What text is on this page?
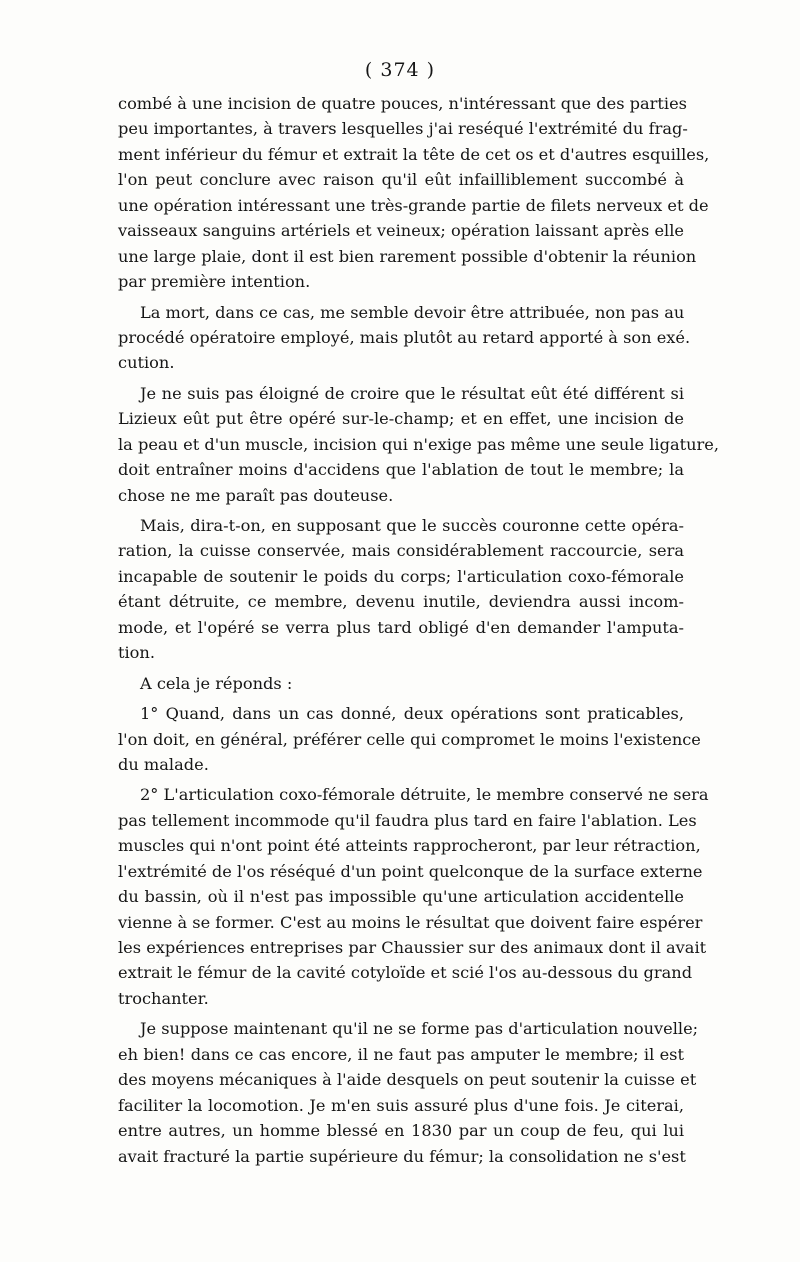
( 374 )

combé à une incision de quatre pouces, n'intéressant que des parties
peu importantes, à travers lesquelles j'ai reséqué l'extrémité du frag-
ment inférieur du fémur et extrait la tête de cet os et d'autres esquilles,
l'on peut conclure avec raison qu'il eût infailliblement succombé à
une opération intéressant une très-grande partie de filets nerveux et de
vaisseaux sanguins artériels et veineux; opération laissant après elle
une large plaie, dont il est bien rarement possible d'obtenir la réunion
par première intention.

La mort, dans ce cas, me semble devoir être attribuée, non pas au
procédé opératoire employé, mais plutôt au retard apporté à son exé.
cution.

Je ne suis pas éloigné de croire que le résultat eût été différent si
Lizieux eût put être opéré sur-le-champ; et en effet, une incision de
la peau et d'un muscle, incision qui n'exige pas même une seule ligature,
doit entraîner moins d'accidens que l'ablation de tout le membre; la
chose ne me paraît pas douteuse.

Mais, dira-t-on, en supposant que le succès couronne cette opéra-
ration, la cuisse conservée, mais considérablement raccourcie, sera
incapable de soutenir le poids du corps; l'articulation coxo-fémorale
étant détruite, ce membre, devenu inutile, deviendra aussi incom-
mode, et l'opéré se verra plus tard obligé d'en demander l'amputa-
tion.

A cela je réponds :

1° Quand, dans un cas donné, deux opérations sont praticables,
l'on doit, en général, préférer celle qui compromet le moins l'existence
du malade.

2° L'articulation coxo-fémorale détruite, le membre conservé ne sera
pas tellement incommode qu'il faudra plus tard en faire l'ablation. Les
muscles qui n'ont point été atteints rapprocheront, par leur rétraction,
l'extrémité de l'os réséqué d'un point quelconque de la surface externe
du bassin, où il n'est pas impossible qu'une articulation accidentelle
vienne à se former. C'est au moins le résultat que doivent faire espérer
les expériences entreprises par Chaussier sur des animaux dont il avait
extrait le fémur de la cavité cotyloïde et scié l'os au-dessous du grand
trochanter.

Je suppose maintenant qu'il ne se forme pas d'articulation nouvelle;
eh bien! dans ce cas encore, il ne faut pas amputer le membre; il est
des moyens mécaniques à l'aide desquels on peut soutenir la cuisse et
faciliter la locomotion. Je m'en suis assuré plus d'une fois. Je citerai,
entre autres, un homme blessé en 1830 par un coup de feu, qui lui
avait fracturé la partie supérieure du fémur; la consolidation ne s'est
